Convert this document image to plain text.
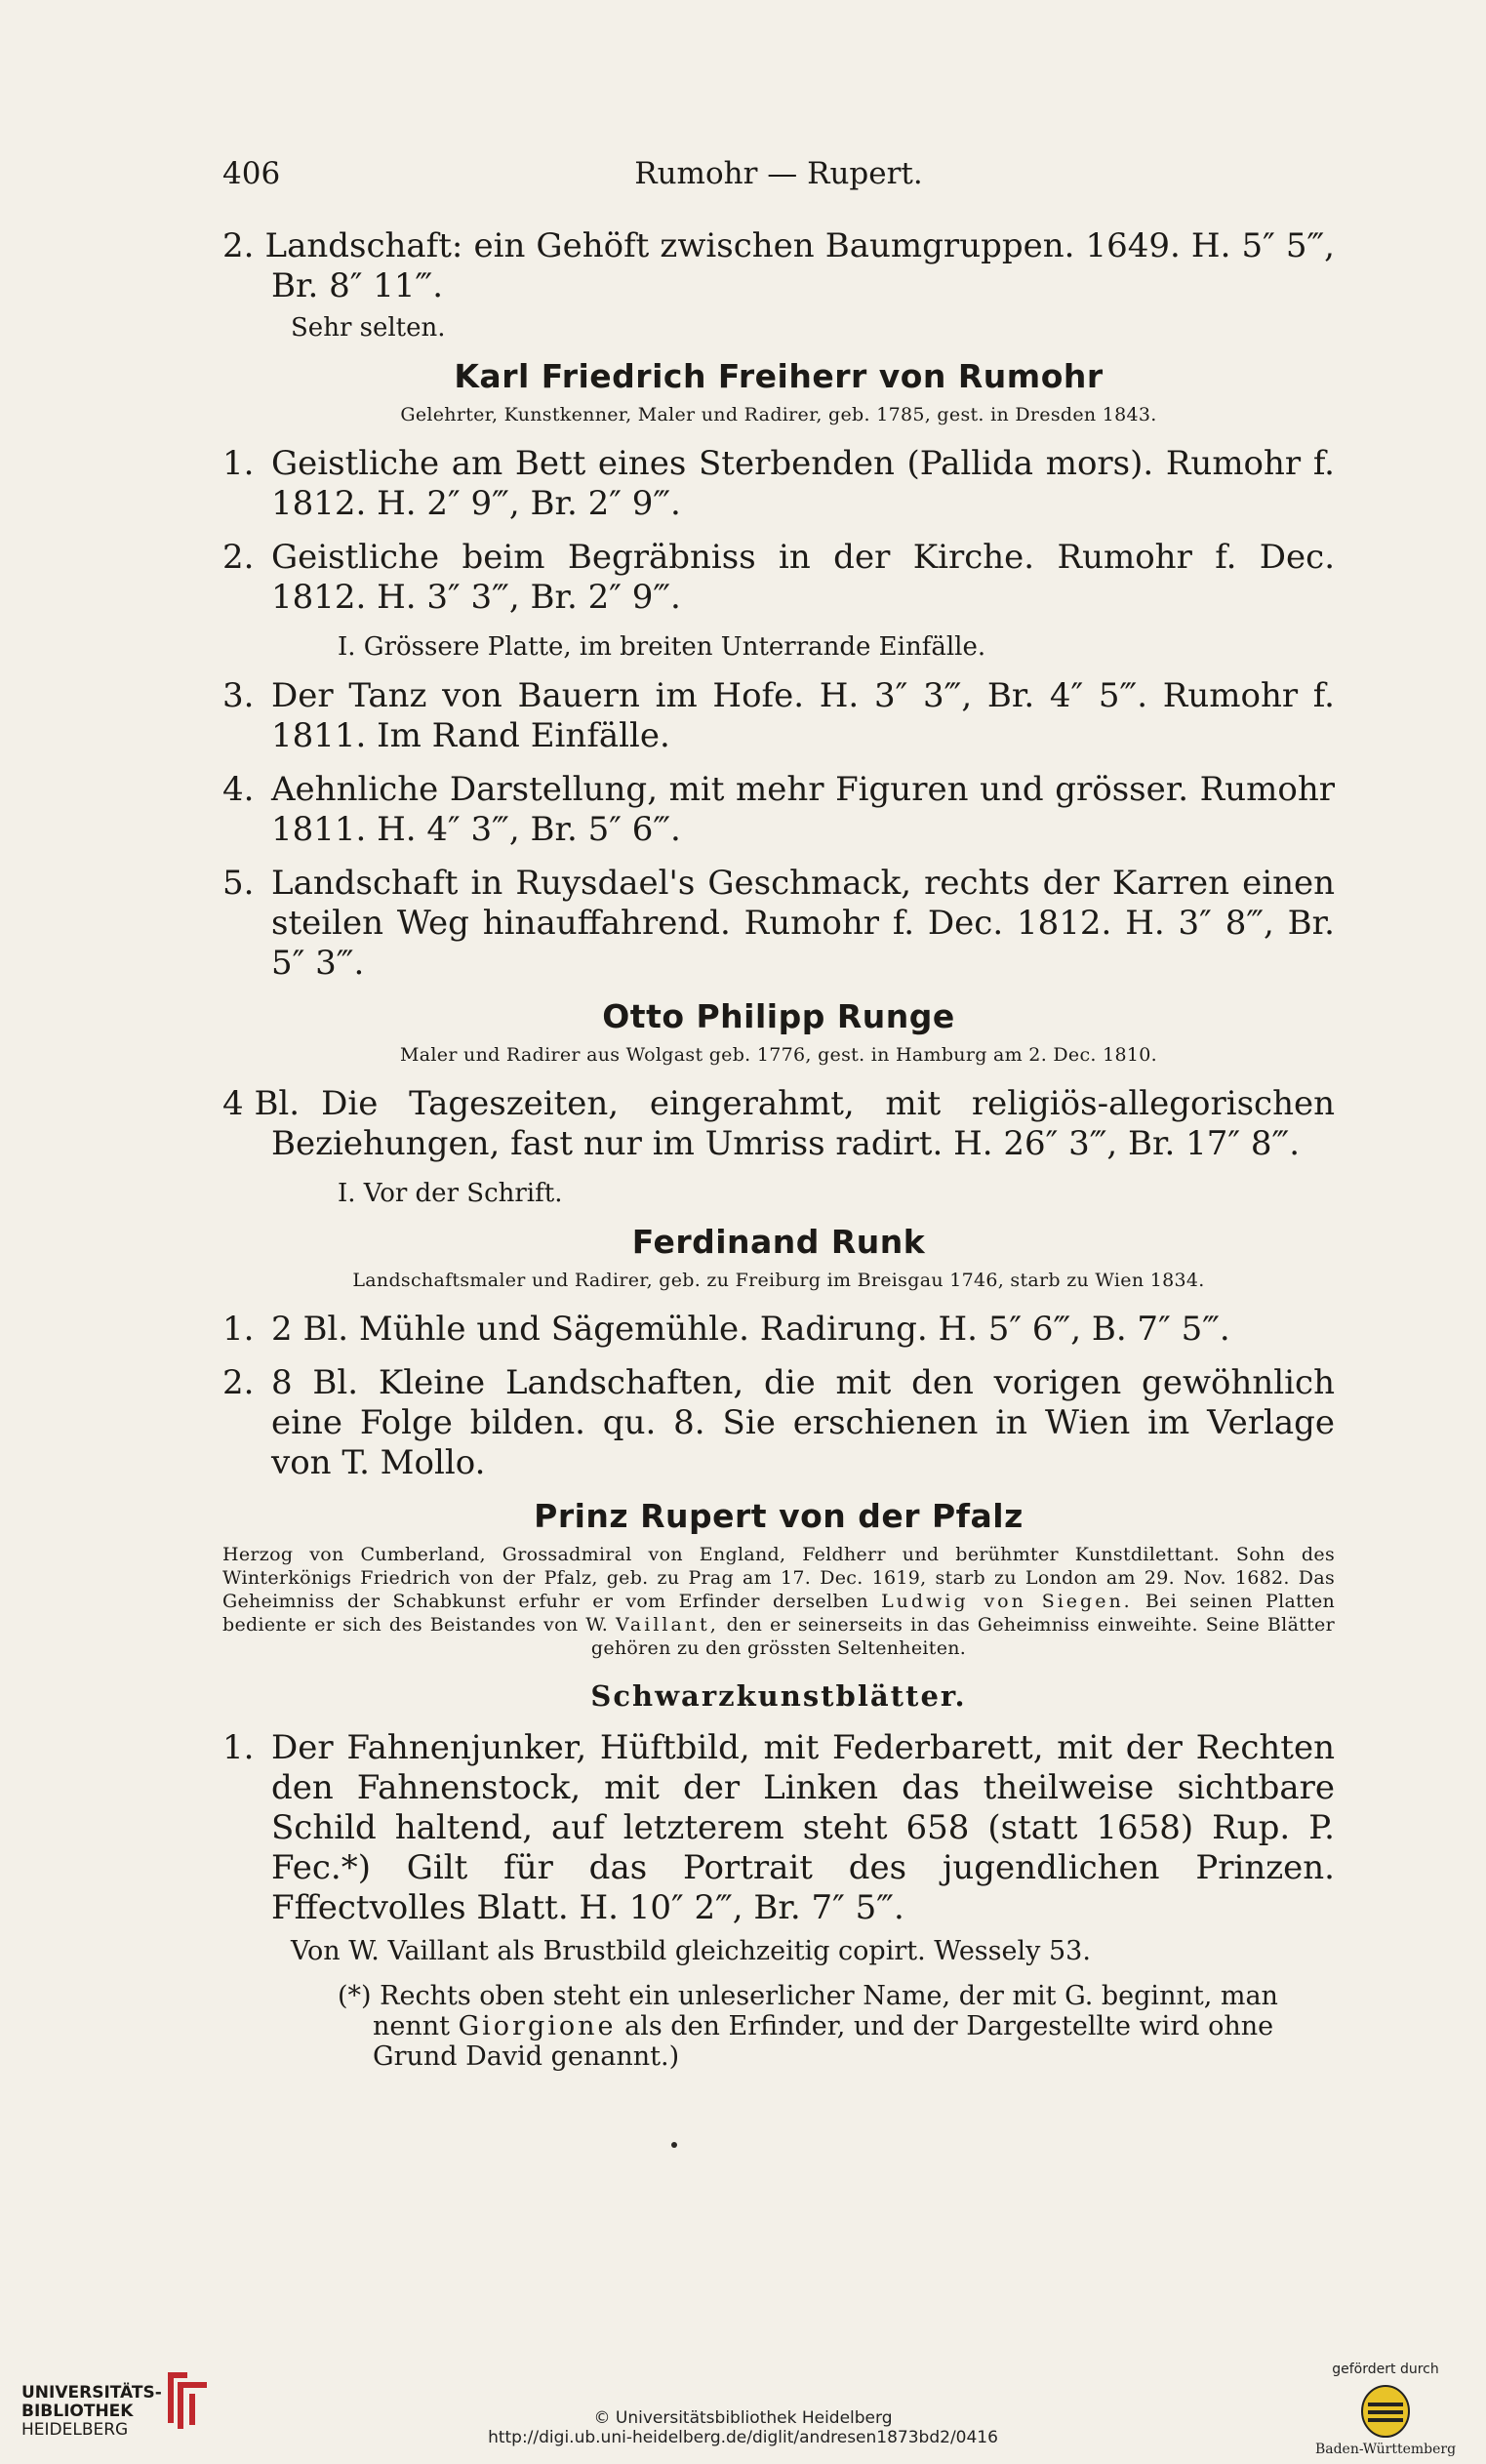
406	Rumohr — Rupert.

2. Landschaft: ein Gehöft zwischen Baumgruppen. 1649. H. 5″ 5‴, Br. 8″ 11‴.

Sehr selten.

Karl Friedrich Freiherr von Rumohr
Gelehrter, Kunstkenner, Maler und Radirer, geb. 1785, gest. in Dresden 1843.

1. Geistliche am Bett eines Sterbenden (Pallida mors). Rumohr f. 1812. H. 2″ 9‴, Br. 2″ 9‴.

2. Geistliche beim Begräbniss in der Kirche. Rumohr f. Dec. 1812. H. 3″ 3‴, Br. 2″ 9‴.

I. Grössere Platte, im breiten Unterrande Einfälle.

3. Der Tanz von Bauern im Hofe. H. 3″ 3‴, Br. 4″ 5‴. Rumohr f. 1811. Im Rand Einfälle.

4. Aehnliche Darstellung, mit mehr Figuren und grösser. Rumohr 1811. H. 4″ 3‴, Br. 5″ 6‴.

5. Landschaft in Ruysdael's Geschmack, rechts der Karren einen steilen Weg hinauffahrend. Rumohr f. Dec. 1812. H. 3″ 8‴, Br. 5″ 3‴.

Otto Philipp Runge
Maler und Radirer aus Wolgast geb. 1776, gest. in Hamburg am 2. Dec. 1810.

4 Bl. Die Tageszeiten, eingerahmt, mit religiös-allegorischen Beziehungen, fast nur im Umriss radirt. H. 26″ 3‴, Br. 17″ 8‴.

I. Vor der Schrift.

Ferdinand Runk
Landschaftsmaler und Radirer, geb. zu Freiburg im Breisgau 1746, starb zu Wien 1834.

1. 2 Bl. Mühle und Sägemühle. Radirung. H. 5″ 6‴, B. 7″ 5‴.

2. 8 Bl. Kleine Landschaften, die mit den vorigen gewöhnlich eine Folge bilden. qu. 8. Sie erschienen in Wien im Verlage von T. Mollo.

Prinz Rupert von der Pfalz
Herzog von Cumberland, Grossadmiral von England, Feldherr und berühmter Kunstdilettant. Sohn des Winterkönigs Friedrich von der Pfalz, geb. zu Prag am 17. Dec. 1619, starb zu London am 29. Nov. 1682. Das Geheimniss der Schabkunst erfuhr er vom Erfinder derselben Ludwig von Siegen. Bei seinen Platten bediente er sich des Beistandes von W. Vaillant, den er seinerseits in das Geheimniss einweihte. Seine Blätter gehören zu den grössten Seltenheiten.
Schwarzkunstblätter.

1. Der Fahnenjunker, Hüftbild, mit Federbarett, mit der Rechten den Fahnenstock, mit der Linken das theilweise sichtbare Schild haltend, auf letzterem steht 658 (statt 1658) Rup. P. Fec.*) Gilt für das Portrait des jugendlichen Prinzen. Fffectvolles Blatt. H. 10″ 2‴, Br. 7″ 5‴.

Von W. Vaillant als Brustbild gleichzeitig copirt. Wessely 53.

(*) Rechts oben steht ein unleserlicher Name, der mit G. beginnt, man nennt Giorgione als den Erfinder, und der Dargestellte wird ohne Grund David genannt.)
UNIVERSITÄTS-
BIBLIOTHEK
HEIDELBERG
© Universitätsbibliothek Heidelberg
http://digi.ub.uni-heidelberg.de/diglit/andresen1873bd2/0416
gefördert durch
Baden-Württemberg
